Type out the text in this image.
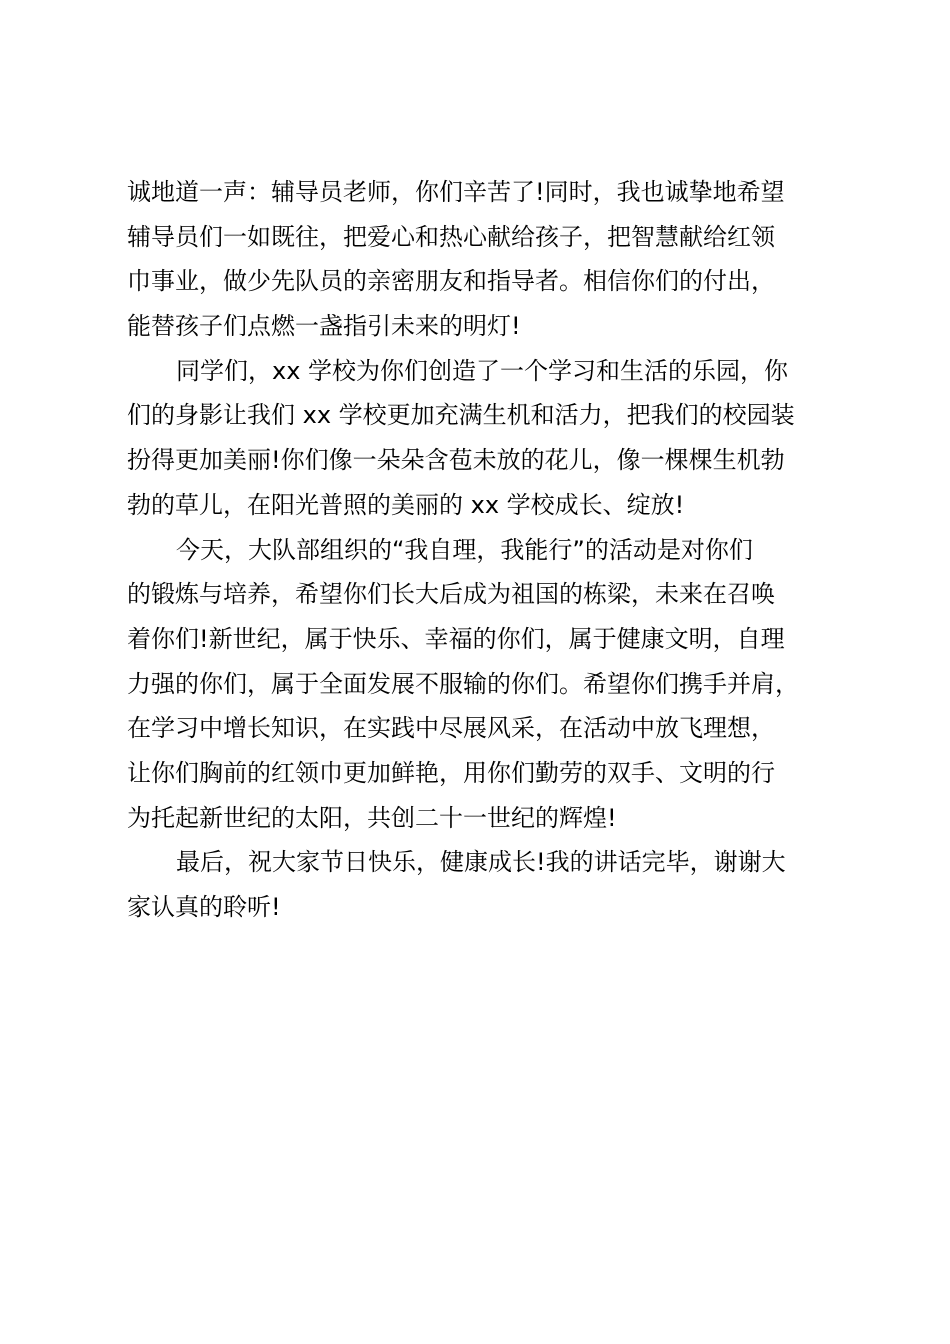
诚地道一声：辅导员老师，你们辛苦了!同时，我也诚挚地希望
辅导员们一如既往，把爱心和热心献给孩子，把智慧献给红领
巾事业，做少先队员的亲密朋友和指导者。相信你们的付出，
能替孩子们点燃一盏指引未来的明灯!
同学们，xx 学校为你们创造了一个学习和生活的乐园，你
们的身影让我们 xx 学校更加充满生机和活力，把我们的校园装
扮得更加美丽!你们像一朵朵含苞未放的花儿，像一棵棵生机勃
勃的草儿，在阳光普照的美丽的 xx 学校成长、绽放!
今天，大队部组织的“我自理，我能行”的活动是对你们
的锻炼与培养，希望你们长大后成为祖国的栋梁，未来在召唤
着你们!新世纪，属于快乐、幸福的你们，属于健康文明，自理
力强的你们，属于全面发展不服输的你们。希望你们携手并肩，
在学习中增长知识，在实践中尽展风采，在活动中放飞理想，
让你们胸前的红领巾更加鲜艳，用你们勤劳的双手、文明的行
为托起新世纪的太阳，共创二十一世纪的辉煌!
最后，祝大家节日快乐，健康成长!我的讲话完毕，谢谢大
家认真的聆听!
